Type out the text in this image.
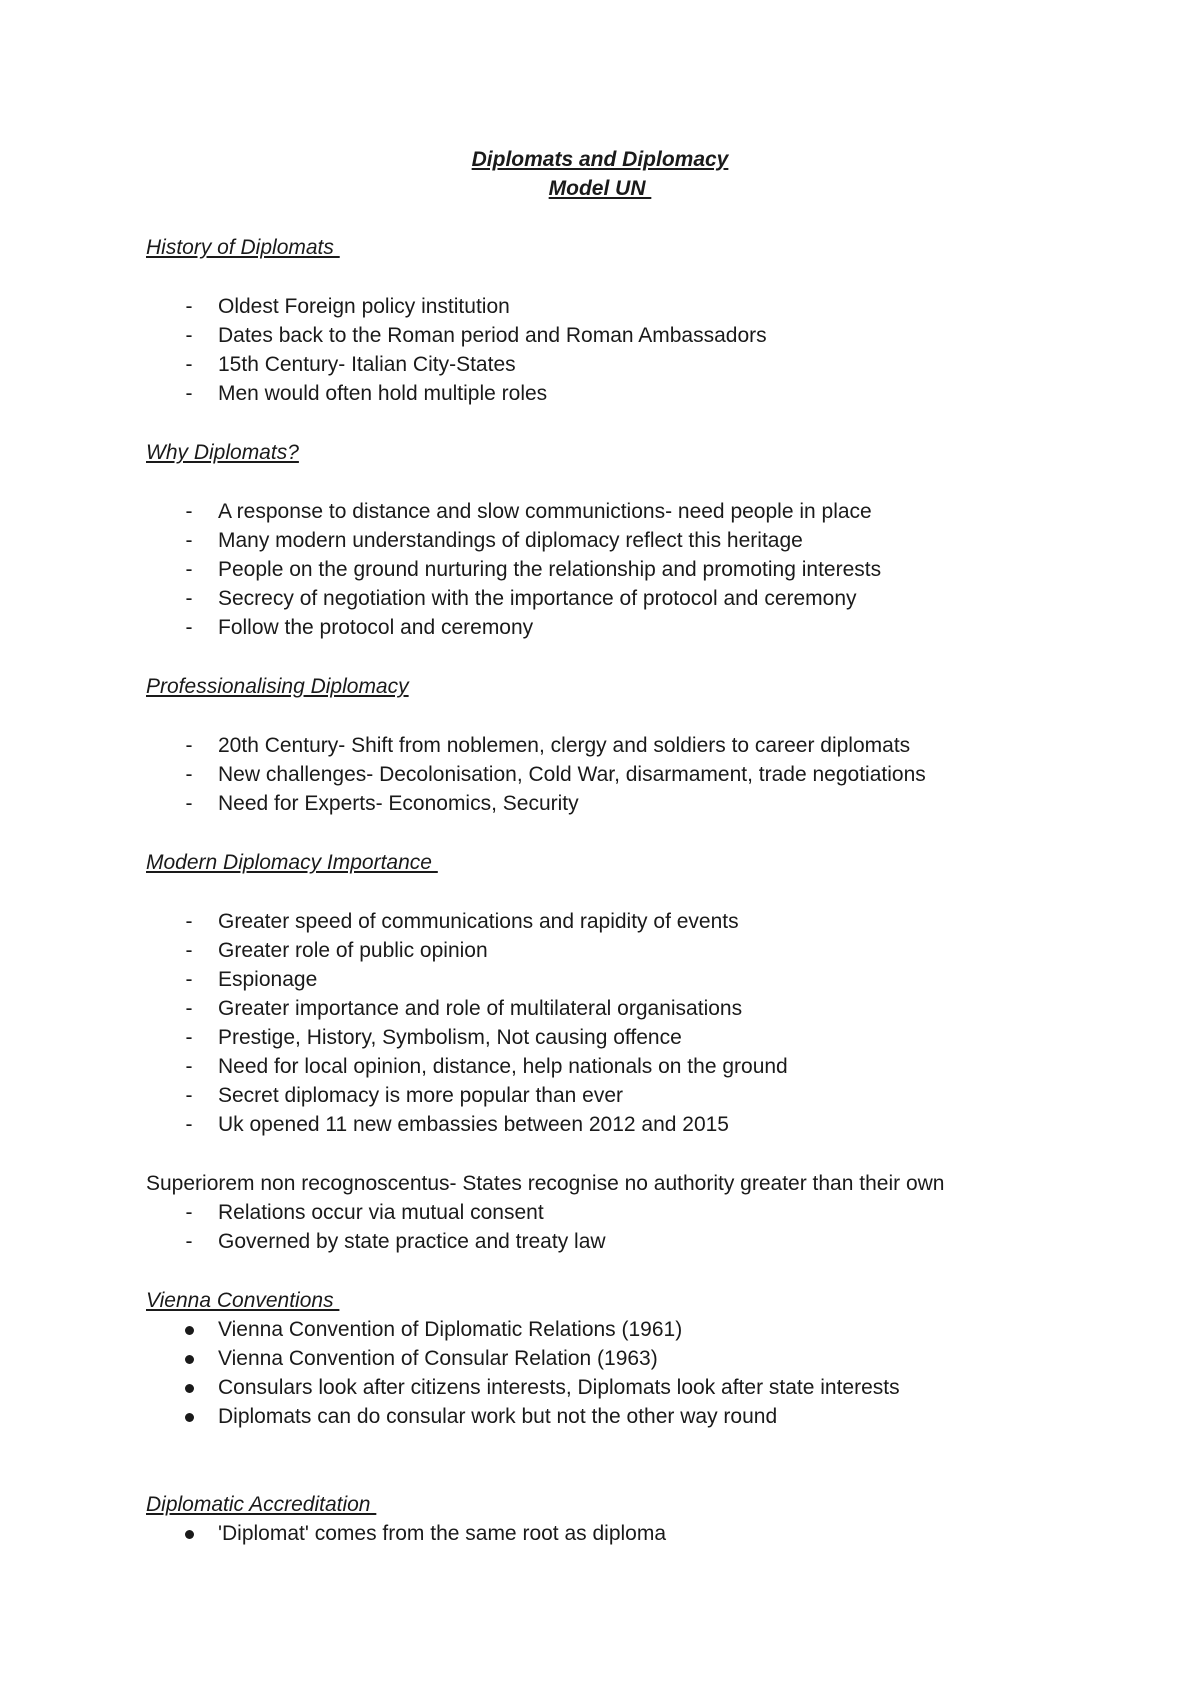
Diplomats and Diplomacy
Model UN
History of Diplomats
- Oldest Foreign policy institution
- Dates back to the Roman period and Roman Ambassadors
- 15th Century- Italian City-States
- Men would often hold multiple roles
Why Diplomats?
- A response to distance and slow communictions- need people in place
- Many modern understandings of diplomacy reflect this heritage
- People on the ground nurturing the relationship and promoting interests
- Secrecy of negotiation with the importance of protocol and ceremony
- Follow the protocol and ceremony
Professionalising Diplomacy
- 20th Century- Shift from noblemen, clergy and soldiers to career diplomats
- New challenges- Decolonisation, Cold War, disarmament, trade negotiations
- Need for Experts- Economics, Security
Modern Diplomacy Importance
- Greater speed of communications and rapidity of events
- Greater role of public opinion
- Espionage
- Greater importance and role of multilateral organisations
- Prestige, History, Symbolism, Not causing offence
- Need for local opinion, distance, help nationals on the ground
- Secret diplomacy is more popular than ever
- Uk opened 11 new embassies between 2012 and 2015
Superiorem non recognoscentus- States recognise no authority greater than their own
- Relations occur via mutual consent
- Governed by state practice and treaty law
Vienna Conventions
Vienna Convention of Diplomatic Relations (1961)
Vienna Convention of Consular Relation (1963)
Consulars look after citizens interests, Diplomats look after state interests
Diplomats can do consular work but not the other way round
Diplomatic Accreditation
'Diplomat' comes from the same root as diploma
